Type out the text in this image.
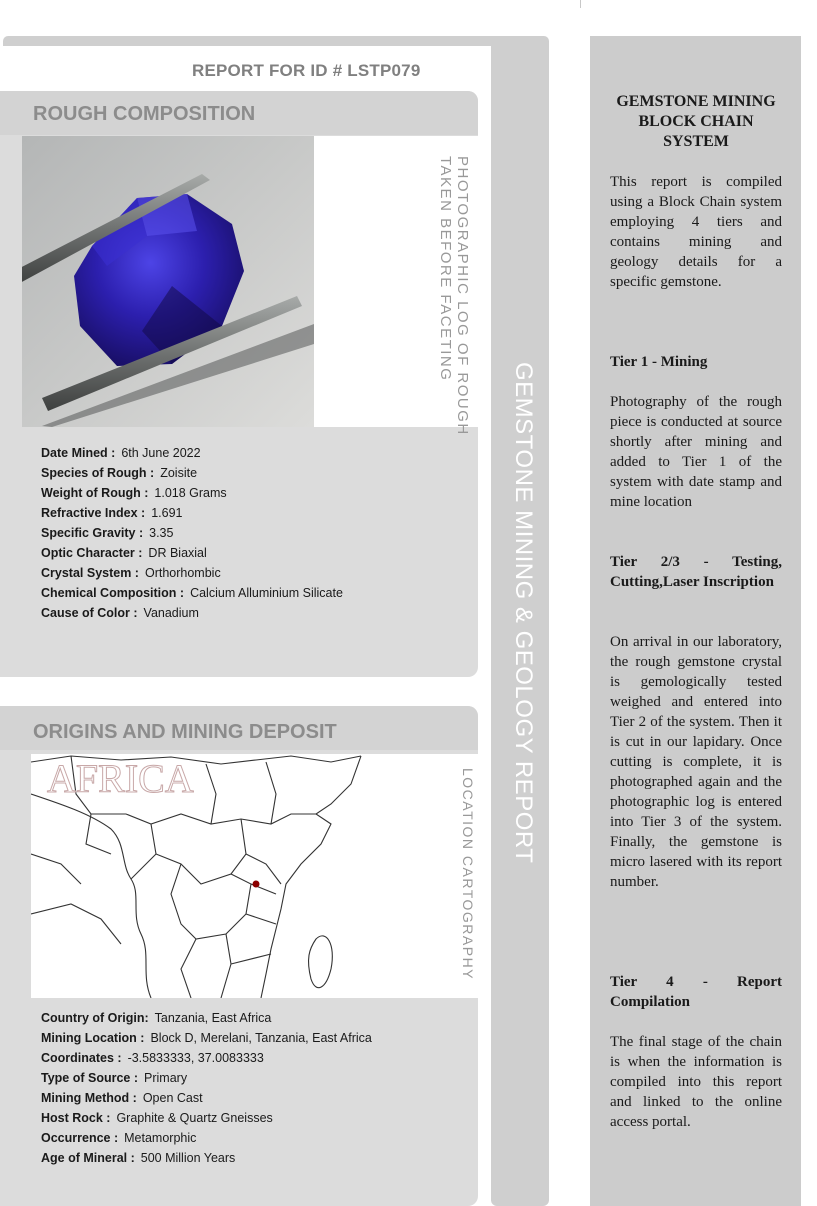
REPORT FOR ID # LSTP079
GEMSTONE MINING & GEOLOGY REPORT
ROUGH COMPOSITION
PHOTOGRAPHIC LOG OF ROUGH
TAKEN BEFORE FACETING
Date Mined : 6th June 2022
Species of Rough : Zoisite
Weight of Rough : 1.018 Grams
Refractive Index : 1.691
Specific Gravity : 3.35
Optic Character : DR Biaxial
Crystal System : Orthorhombic
Chemical Composition : Calcium Alluminium Silicate
Cause of Color : Vanadium
ORIGINS AND MINING DEPOSIT
AFRICA	LOCATION CARTOGRAPHY
Country of Origin: Tanzania, East Africa
Mining Location : Block D, Merelani, Tanzania, East Africa
Coordinates : -3.5833333, 37.0083333
Type of Source : Primary
Mining Method : Open Cast
Host Rock : Graphite & Quartz Gneisses
Occurrence : Metamorphic
Age of Mineral : 500 Million Years
GEMSTONE MINING BLOCK CHAIN SYSTEM
This report is compiled using a Block Chain system employing 4 tiers and contains mining and geology details for a specific gemstone.
Tier 1 - Mining
Photography of the rough piece is conducted at source shortly after mining and added to Tier 1 of the system with date stamp and mine location
Tier 2/3 - Testing, Cutting,Laser Inscription
On arrival in our laboratory, the rough gemstone crystal is gemologically tested weighed and entered into Tier 2 of the system. Then it is cut in our lapidary. Once cutting is complete, it is photographed again and the photographic log is entered into Tier 3 of the system. Finally, the gemstone is micro lasered with its report number.
Tier 4 - Report Compilation
The final stage of the chain is when the information is compiled into this report and linked to the online access portal.
